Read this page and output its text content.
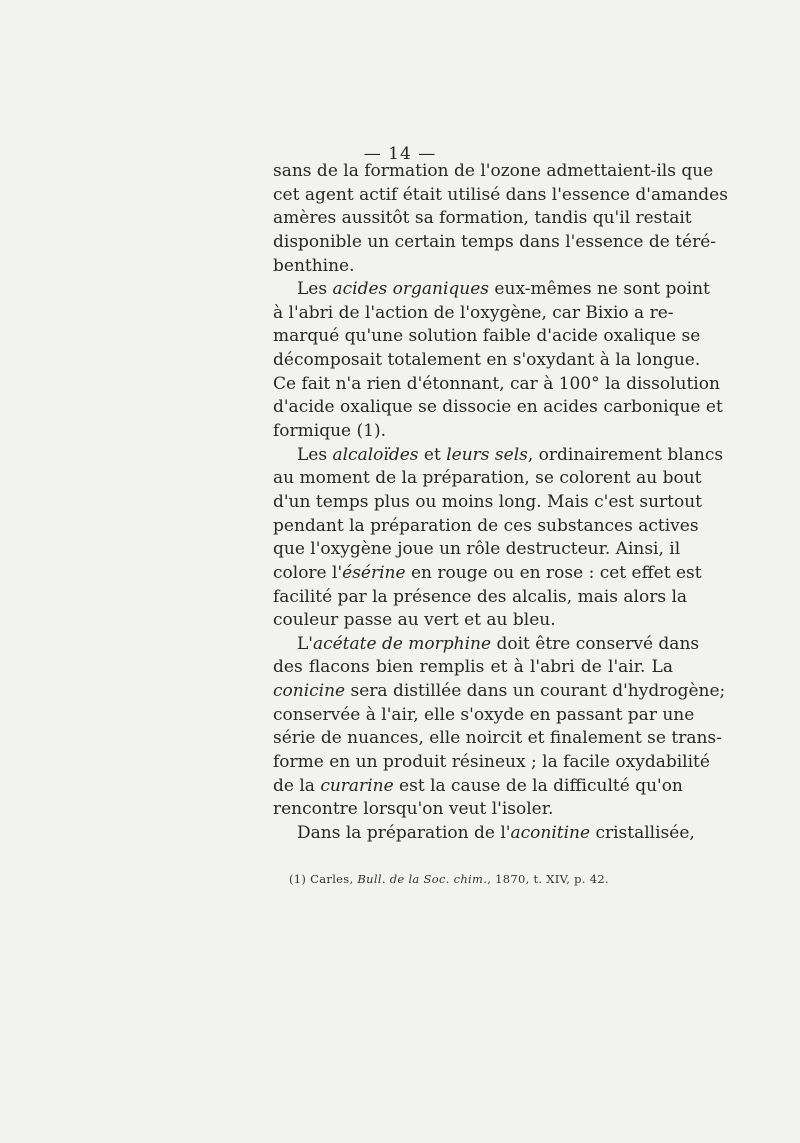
— 14 —
sans de la formation de l'ozone admettaient-ils que
cet agent actif était utilisé dans l'essence d'amandes
amères aussitôt sa formation, tandis qu'il restait
disponible un certain temps dans l'essence de téré-
benthine.
Les acides organiques eux-mêmes ne sont point
à l'abri de l'action de l'oxygène, car Bixio a re-
marqué qu'une solution faible d'acide oxalique se
décomposait totalement en s'oxydant à la longue.
Ce fait n'a rien d'étonnant, car à 100° la dissolution
d'acide oxalique se dissocie en acides carbonique et
formique (1).
Les alcaloïdes et leurs sels, ordinairement blancs
au moment de la préparation, se colorent au bout
d'un temps plus ou moins long. Mais c'est surtout
pendant la préparation de ces substances actives
que l'oxygène joue un rôle destructeur. Ainsi, il
colore l'ésérine en rouge ou en rose : cet effet est
facilité par la présence des alcalis, mais alors la
couleur passe au vert et au bleu.
L'acétate de morphine doit être conservé dans
des flacons bien remplis et à l'abri de l'air. La
conicine sera distillée dans un courant d'hydrogène;
conservée à l'air, elle s'oxyde en passant par une
série de nuances, elle noircit et finalement se trans-
forme en un produit résineux ; la facile oxydabilité
de la curarine est la cause de la difficulté qu'on
rencontre lorsqu'on veut l'isoler.
Dans la préparation de l'aconitine cristallisée,
(1) Carles, Bull. de la Soc. chim., 1870, t. XIV, p. 42.
